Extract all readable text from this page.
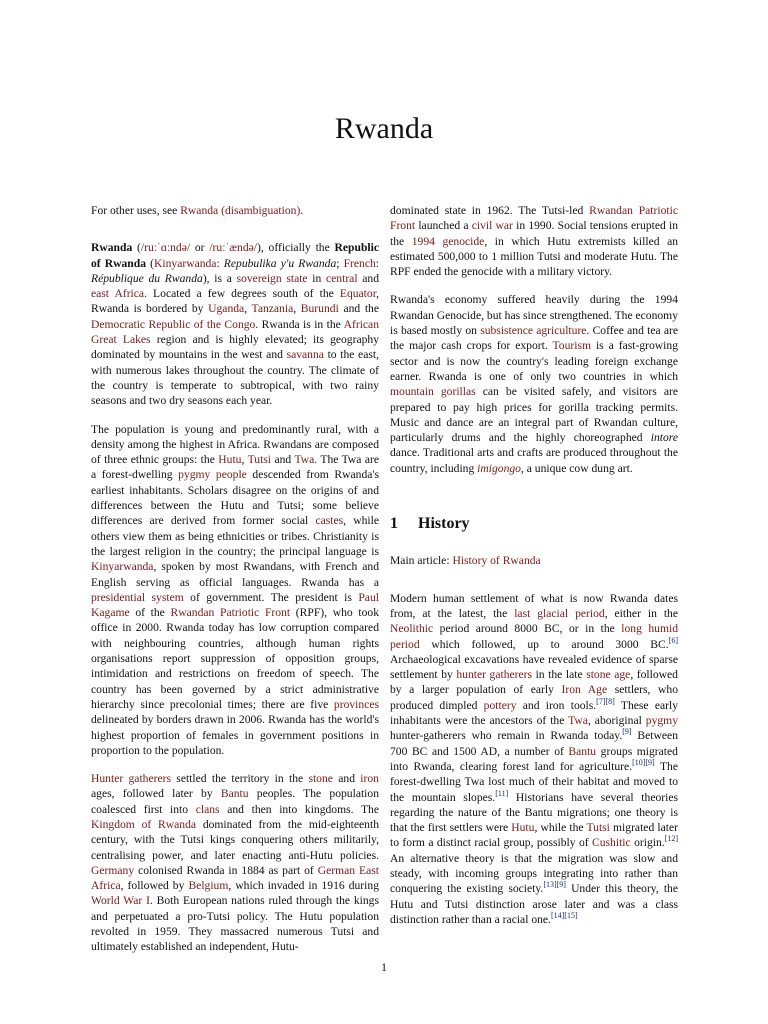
Rwanda

For other uses, see Rwanda (disambiguation).

Rwanda (/ruːˈɑːndə/ or /ruːˈændə/), officially the Republic of Rwanda (Kinyarwanda: Repubulika y'u Rwanda; French: République du Rwanda), is a sovereign state in central and east Africa. Located a few degrees south of the Equator, Rwanda is bordered by Uganda, Tanzania, Burundi and the Democratic Republic of the Congo. Rwanda is in the African Great Lakes region and is highly elevated; its geography dominated by mountains in the west and savanna to the east, with numerous lakes throughout the country. The climate of the country is temperate to subtropical, with two rainy seasons and two dry seasons each year.

The population is young and predominantly rural, with a density among the highest in Africa. Rwandans are composed of three ethnic groups: the Hutu, Tutsi and Twa. The Twa are a forest-dwelling pygmy people descended from Rwanda's earliest inhabitants. Scholars disagree on the origins of and differences between the Hutu and Tutsi; some believe differences are derived from former social castes, while others view them as being ethnicities or tribes. Christianity is the largest religion in the country; the principal language is Kinyarwanda, spoken by most Rwandans, with French and English serving as official languages. Rwanda has a presidential system of government. The president is Paul Kagame of the Rwandan Patriotic Front (RPF), who took office in 2000. Rwanda today has low corruption compared with neighbouring countries, although human rights organisations report suppression of opposition groups, intimidation and restrictions on freedom of speech. The country has been governed by a strict administrative hierarchy since precolonial times; there are five provinces delineated by borders drawn in 2006. Rwanda has the world's highest proportion of females in government positions in proportion to the population.

Hunter gatherers settled the territory in the stone and iron ages, followed later by Bantu peoples. The population coalesced first into clans and then into kingdoms. The Kingdom of Rwanda dominated from the mid-eighteenth century, with the Tutsi kings conquering others militarily, centralising power, and later enacting anti-Hutu policies. Germany colonised Rwanda in 1884 as part of German East Africa, followed by Belgium, which invaded in 1916 during World War I. Both European nations ruled through the kings and perpetuated a pro-Tutsi policy. The Hutu population revolted in 1959. They massacred numerous Tutsi and ultimately established an independent, Hutu-

dominated state in 1962. The Tutsi-led Rwandan Patriotic Front launched a civil war in 1990. Social tensions erupted in the 1994 genocide, in which Hutu extremists killed an estimated 500,000 to 1 million Tutsi and moderate Hutu. The RPF ended the genocide with a military victory.

Rwanda's economy suffered heavily during the 1994 Rwandan Genocide, but has since strengthened. The economy is based mostly on subsistence agriculture. Coffee and tea are the major cash crops for export. Tourism is a fast-growing sector and is now the country's leading foreign exchange earner. Rwanda is one of only two countries in which mountain gorillas can be visited safely, and visitors are prepared to pay high prices for gorilla tracking permits. Music and dance are an integral part of Rwandan culture, particularly drums and the highly choreographed intore dance. Traditional arts and crafts are produced throughout the country, including imigongo, a unique cow dung art.

1 History

Main article: History of Rwanda

Modern human settlement of what is now Rwanda dates from, at the latest, the last glacial period, either in the Neolithic period around 8000 BC, or in the long humid period which followed, up to around 3000 BC.[6] Archaeological excavations have revealed evidence of sparse settlement by hunter gatherers in the late stone age, followed by a larger population of early Iron Age settlers, who produced dimpled pottery and iron tools.[7][8] These early inhabitants were the ancestors of the Twa, aboriginal pygmy hunter-gatherers who remain in Rwanda today.[9] Between 700 BC and 1500 AD, a number of Bantu groups migrated into Rwanda, clearing forest land for agriculture.[10][9] The forest-dwelling Twa lost much of their habitat and moved to the mountain slopes.[11] Historians have several theories regarding the nature of the Bantu migrations; one theory is that the first settlers were Hutu, while the Tutsi migrated later to form a distinct racial group, possibly of Cushitic origin.[12] An alternative theory is that the migration was slow and steady, with incoming groups integrating into rather than conquering the existing society.[13][9] Under this theory, the Hutu and Tutsi distinction arose later and was a class distinction rather than a racial one.[14][15]

1
